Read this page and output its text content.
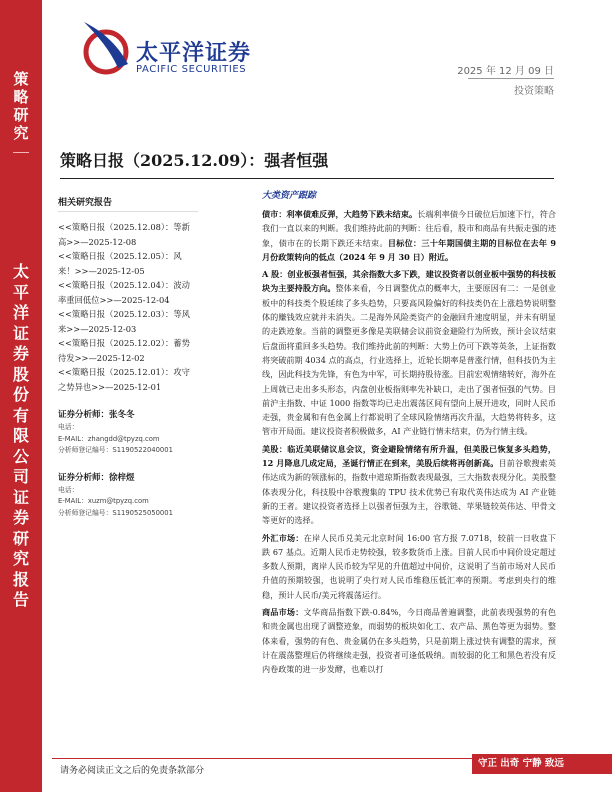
策略研究
太平洋证券股份有限公司证券研究报告
太平洋证券
PACIFIC SECURITIES	2025 年 12 月 09 日
投资策略
策略日报（2025.12.09）：强者恒强
大类资产跟踪
相关研究报告
<<策略日报（2025.12.08）：等新高>>—2025-12-08
<<策略日报（2025.12.05）：风来！>>—2025-12-05
<<策略日报（2025.12.04）：波动率重回低位>>—2025-12-04
<<策略日报（2025.12.03）：等风来>>—2025-12-03
<<策略日报（2025.12.02）：蓄势待发>>—2025-12-02
<<策略日报（2025.12.01）：攻守之势异也>>—2025-12-01
证券分析师：张冬冬
电话：
E-MAIL：zhangdd@tpyzq.com
分析师登记编号：S1190522040001
证券分析师：徐梓煜
电话：
E-MAIL：xuzm@tpyzq.com
分析师登记编号：S1190525050001

债市：利率债难反弹，大趋势下跌未结束。长端利率债今日破位后加速下行，符合我们一直以来的判断。我们维持此前的判断：往后看，股市和商品有共振走强的迹象，债市在的长期下跌还未结束。目标位：三十年期国债主期的目标位在去年 9 月份政策转向的低点（2024 年 9 月 30 日）附近。

A 股：创业板强者恒强，其余指数大多下跌，建议投资者以创业板中强势的科技板块为主要持股方向。整体来看，今日调整优点的概率大，主要原因有二：一是创业板中的科技类个股延续了多头趋势，只要高风险偏好的科技类仍在上涨趋势说明整体的赚钱效应就并未消失。二是海外风险类资产的金融回升速度明显，并未有明显的走跌迹象。当前的调整更多像是美联储会议前资金避险行为所致，预计会议结束后盘面将重回多头趋势。我们维持此前的判断：大势上仍可下跌等英条，上证指数将突破前期 4034 点的高点，行业选择上，近轮长期率是普涨行情，但科技仍为主线，因此科技为先锋，有色为中军，可长期持股待涨。目前宏观情绪转好，海外在上周就已走出多头形态，内盘创业板指则率先补缺口，走出了强者恒强的气势。目前沪主指数、中证 1000 指数等均已走出震荡区间有望向上展开进攻，同时人民币走强，贵金属和有色金属上行都说明了全球风险情绪再次升温，大趋势将转多，这管市开局面。建议投资者积极做多，AI 产业链行情未结束，仍为行情主线。

美股：临近美联储议息会议，资金避险情绪有所升温，但美股已恢复多头趋势，12 月降息几成定局，圣诞行情正在到来，美股后续将再创新高。目前谷歌搜索英伟达成为新的领涨标的，指数中道琼斯指数表现最强，三大指数表现分化。美股整体表现分化，科技股中谷歌搜集的 TPU 技术优势已有取代英伟达成为 AI 产业链新的王者。建议投资者选择上以强者恒强为主，谷歌链、苹果链较英伟达、甲骨文等更好的选择。

外汇市场：在岸人民币兑美元北京时间 16:00 官方报 7.0718，较前一日收盘下跌 67 基点。近期人民币走势较强，较多数货币上涨。目前人民币中间价设定超过多数人预期，离岸人民币较为罕见的升值超过中间价，这说明了当前市场对人民币升值的预期较强，也说明了央行对人民币维稳压低汇率的预期。考虑到央行的维稳，预计人民币/美元将震荡运行。

商品市场：文华商品指数下跌-0.84%，今日商品普遍调整，此前表现强势的有色和贵金属也出现了调整迹象，而弱势的板块如化工、农产品、黑色等更为弱势。整体来看，强势的有色、贵金属仍在多头趋势，只是前期上涨过快有调整的需求，预计在震荡整理后仍将继续走强，投资者可逢低吸纳。而较弱的化工和黑色若没有反内卷政策的进一步发酵，也难以打

请务必阅读正文之后的免责条款部分
守正 出奇 宁静 致远
